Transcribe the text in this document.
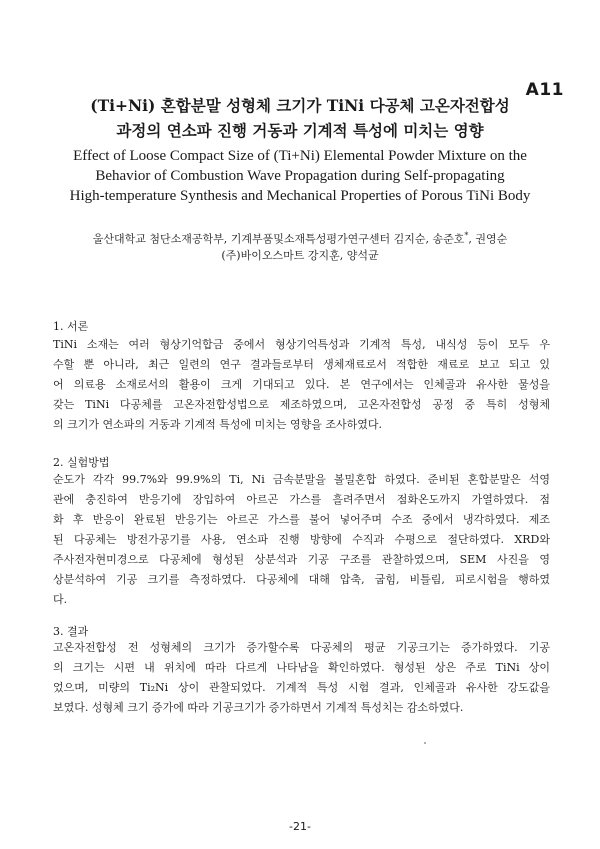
A11
(Ti+Ni) 혼합분말 성형체 크기가 TiNi 다공체 고온자전합성
과정의 연소파 진행 거동과 기계적 특성에 미치는 영향
Effect of Loose Compact Size of (Ti+Ni) Elemental Powder Mixture on the
Behavior of Combustion Wave Propagation during Self-propagating
High-temperature Synthesis and Mechanical Properties of Porous TiNi Body
울산대학교 첨단소재공학부, 기계부품및소재특성평가연구센터 김지순, 송준호*, 권영순
(주)바이오스마트 강지훈, 양석균
1. 서론
TiNi 소재는 여러 형상기억합금 중에서 형상기억특성과 기계적 특성, 내식성 등이 모두 우
수할 뿐 아니라, 최근 일련의 연구 결과들로부터 생체재료로서 적합한 재료로 보고 되고 있
어 의료용 소재로서의 활용이 크게 기대되고 있다. 본 연구에서는 인체골과 유사한 물성을
갖는 TiNi 다공체를 고온자전합성법으로 제조하였으며, 고온자전합성 공정 중 특히 성형체
의 크기가 연소파의 거동과 기계적 특성에 미치는 영향을 조사하였다.
2. 실험방법
순도가 각각 99.7%와 99.9%의 Ti, Ni 금속분말을 볼밀혼합 하였다. 준비된 혼합분말은 석영
관에 충진하여 반응기에 장입하여 아르곤 가스를 흘려주면서 점화온도까지 가열하였다. 점
화 후 반응이 완료된 반응기는 아르곤 가스를 불어 넣어주며 수조 중에서 냉각하였다. 제조
된 다공체는 방전가공기를 사용, 연소파 진행 방향에 수직과 수평으로 절단하였다. XRD와
주사전자현미경으로 다공체에 형성된 상분석과 기공 구조를 관찰하였으며, SEM 사진을 영
상분석하여 기공 크기를 측정하였다. 다공체에 대해 압축, 굽힘, 비틀림, 피로시험을 행하였
다.
3. 결과
고온자전합성 전 성형체의 크기가 증가할수록 다공체의 평균 기공크기는 증가하였다. 기공
의 크기는 시편 내 위치에 따라 다르게 나타남을 확인하였다. 형성된 상은 주로 TiNi 상이
었으며, 미량의 Ti₂Ni 상이 관찰되었다. 기계적 특성 시험 결과, 인체골과 유사한 강도값을
보였다. 성형체 크기 증가에 따라 기공크기가 증가하면서 기계적 특성치는 감소하였다.
-21-
